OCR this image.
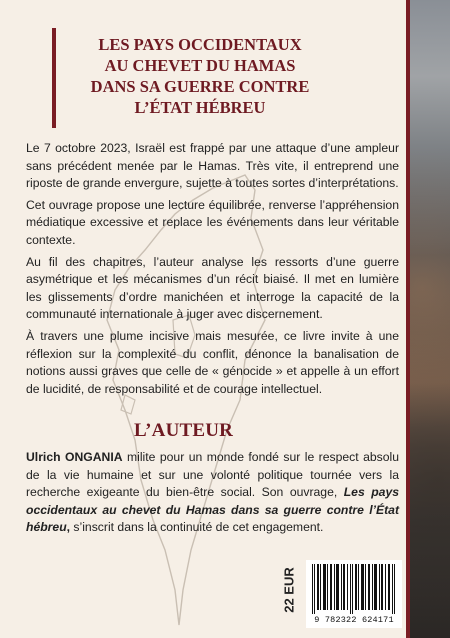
LES PAYS OCCIDENTAUX
AU CHEVET DU HAMAS
DANS SA GUERRE CONTRE
L’ÉTAT HÉBREU

Le 7 octobre 2023, Israël est frappé par une attaque d’une ampleur sans précédent menée par le Hamas. Très vite, il entreprend une riposte de grande envergure, sujette à toutes sortes d’interprétations.

Cet ouvrage propose une lecture équilibrée, renverse l’appréhension médiatique excessive et replace les événements dans leur véritable contexte.

Au fil des chapitres, l’auteur analyse les ressorts d’une guerre asymétrique et les mécanismes d’un récit biaisé. Il met en lumière les glissements d’ordre manichéen et interroge la capacité de la communauté internationale à juger avec discernement.

À travers une plume incisive mais mesurée, ce livre invite à une réflexion sur la complexité du conflit, dénonce la banalisation de notions aussi graves que celle de « génocide » et appelle à un effort de lucidité, de responsabilité et de courage intellectuel.

L’AUTEUR

Ulrich ONGANIA milite pour un monde fondé sur le respect absolu de la vie humaine et sur une volonté politique tournée vers la recherche exigeante du bien-être social. Son ouvrage, Les pays occidentaux au chevet du Hamas dans sa guerre contre l’État hébreu, s’inscrit dans la continuité de cet engagement.

22 EUR
9 782322 624171
